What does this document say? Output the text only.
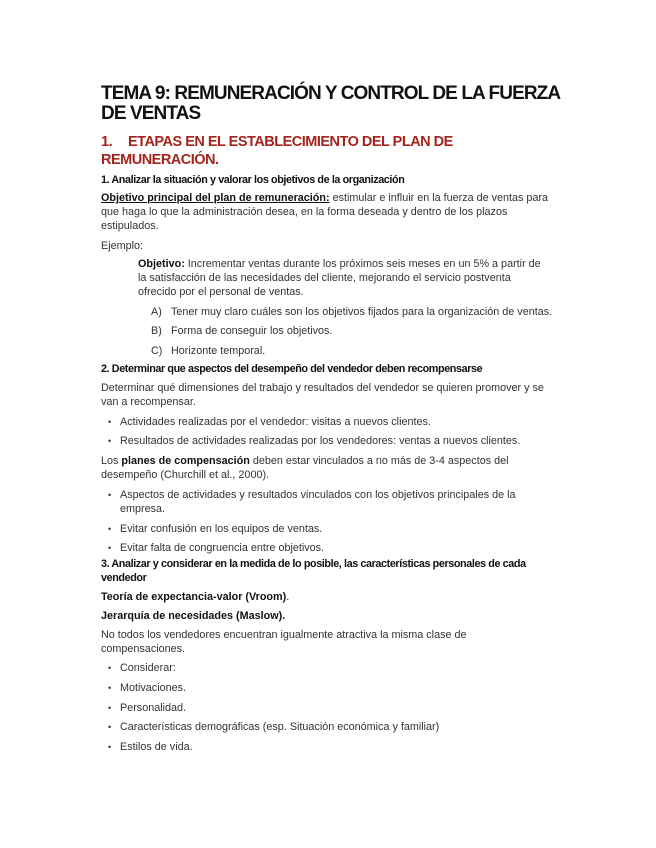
TEMA 9: REMUNERACIÓN Y CONTROL DE LA FUERZA DE VENTAS
1. ETAPAS EN EL ESTABLECIMIENTO DEL PLAN DE REMUNERACIÓN.
1. Analizar la situación y valorar los objetivos de la organización
Objetivo principal del plan de remuneración: estimular e influir en la fuerza de ventas para que haga lo que la administración desea, en la forma deseada y dentro de los plazos estipulados.
Ejemplo:
Objetivo: Incrementar ventas durante los próximos seis meses en un 5% a partir de la satisfacción de las necesidades del cliente, mejorando el servicio postventa ofrecido por el personal de ventas.
A) Tener muy claro cuáles son los objetivos fijados para la organización de ventas.
B) Forma de conseguir los objetivos.
C) Horizonte temporal.
2. Determinar que aspectos del desempeño del vendedor deben recompensarse
Determinar qué dimensiones del trabajo y resultados del vendedor se quieren promover y se van a recompensar.
• Actividades realizadas por el vendedor: visitas a nuevos clientes.
• Resultados de actividades realizadas por los vendedores: ventas a nuevos clientes.
Los planes de compensación deben estar vinculados a no más de 3-4 aspectos del desempeño (Churchill et al., 2000).
• Aspectos de actividades y resultados vinculados con los objetivos principales de la empresa.
• Evitar confusión en los equipos de ventas.
• Evitar falta de congruencia entre objetivos.
3. Analizar y considerar en la medida de lo posible, las características personales de cada vendedor
Teoría de expectancia-valor (Vroom).
Jerarquía de necesidades (Maslow).
No todos los vendedores encuentran igualmente atractiva la misma clase de compensaciones.
• Considerar:
• Motivaciones.
• Personalidad.
• Características demográficas (esp. Situación económica y familiar)
• Estilos de vida.
